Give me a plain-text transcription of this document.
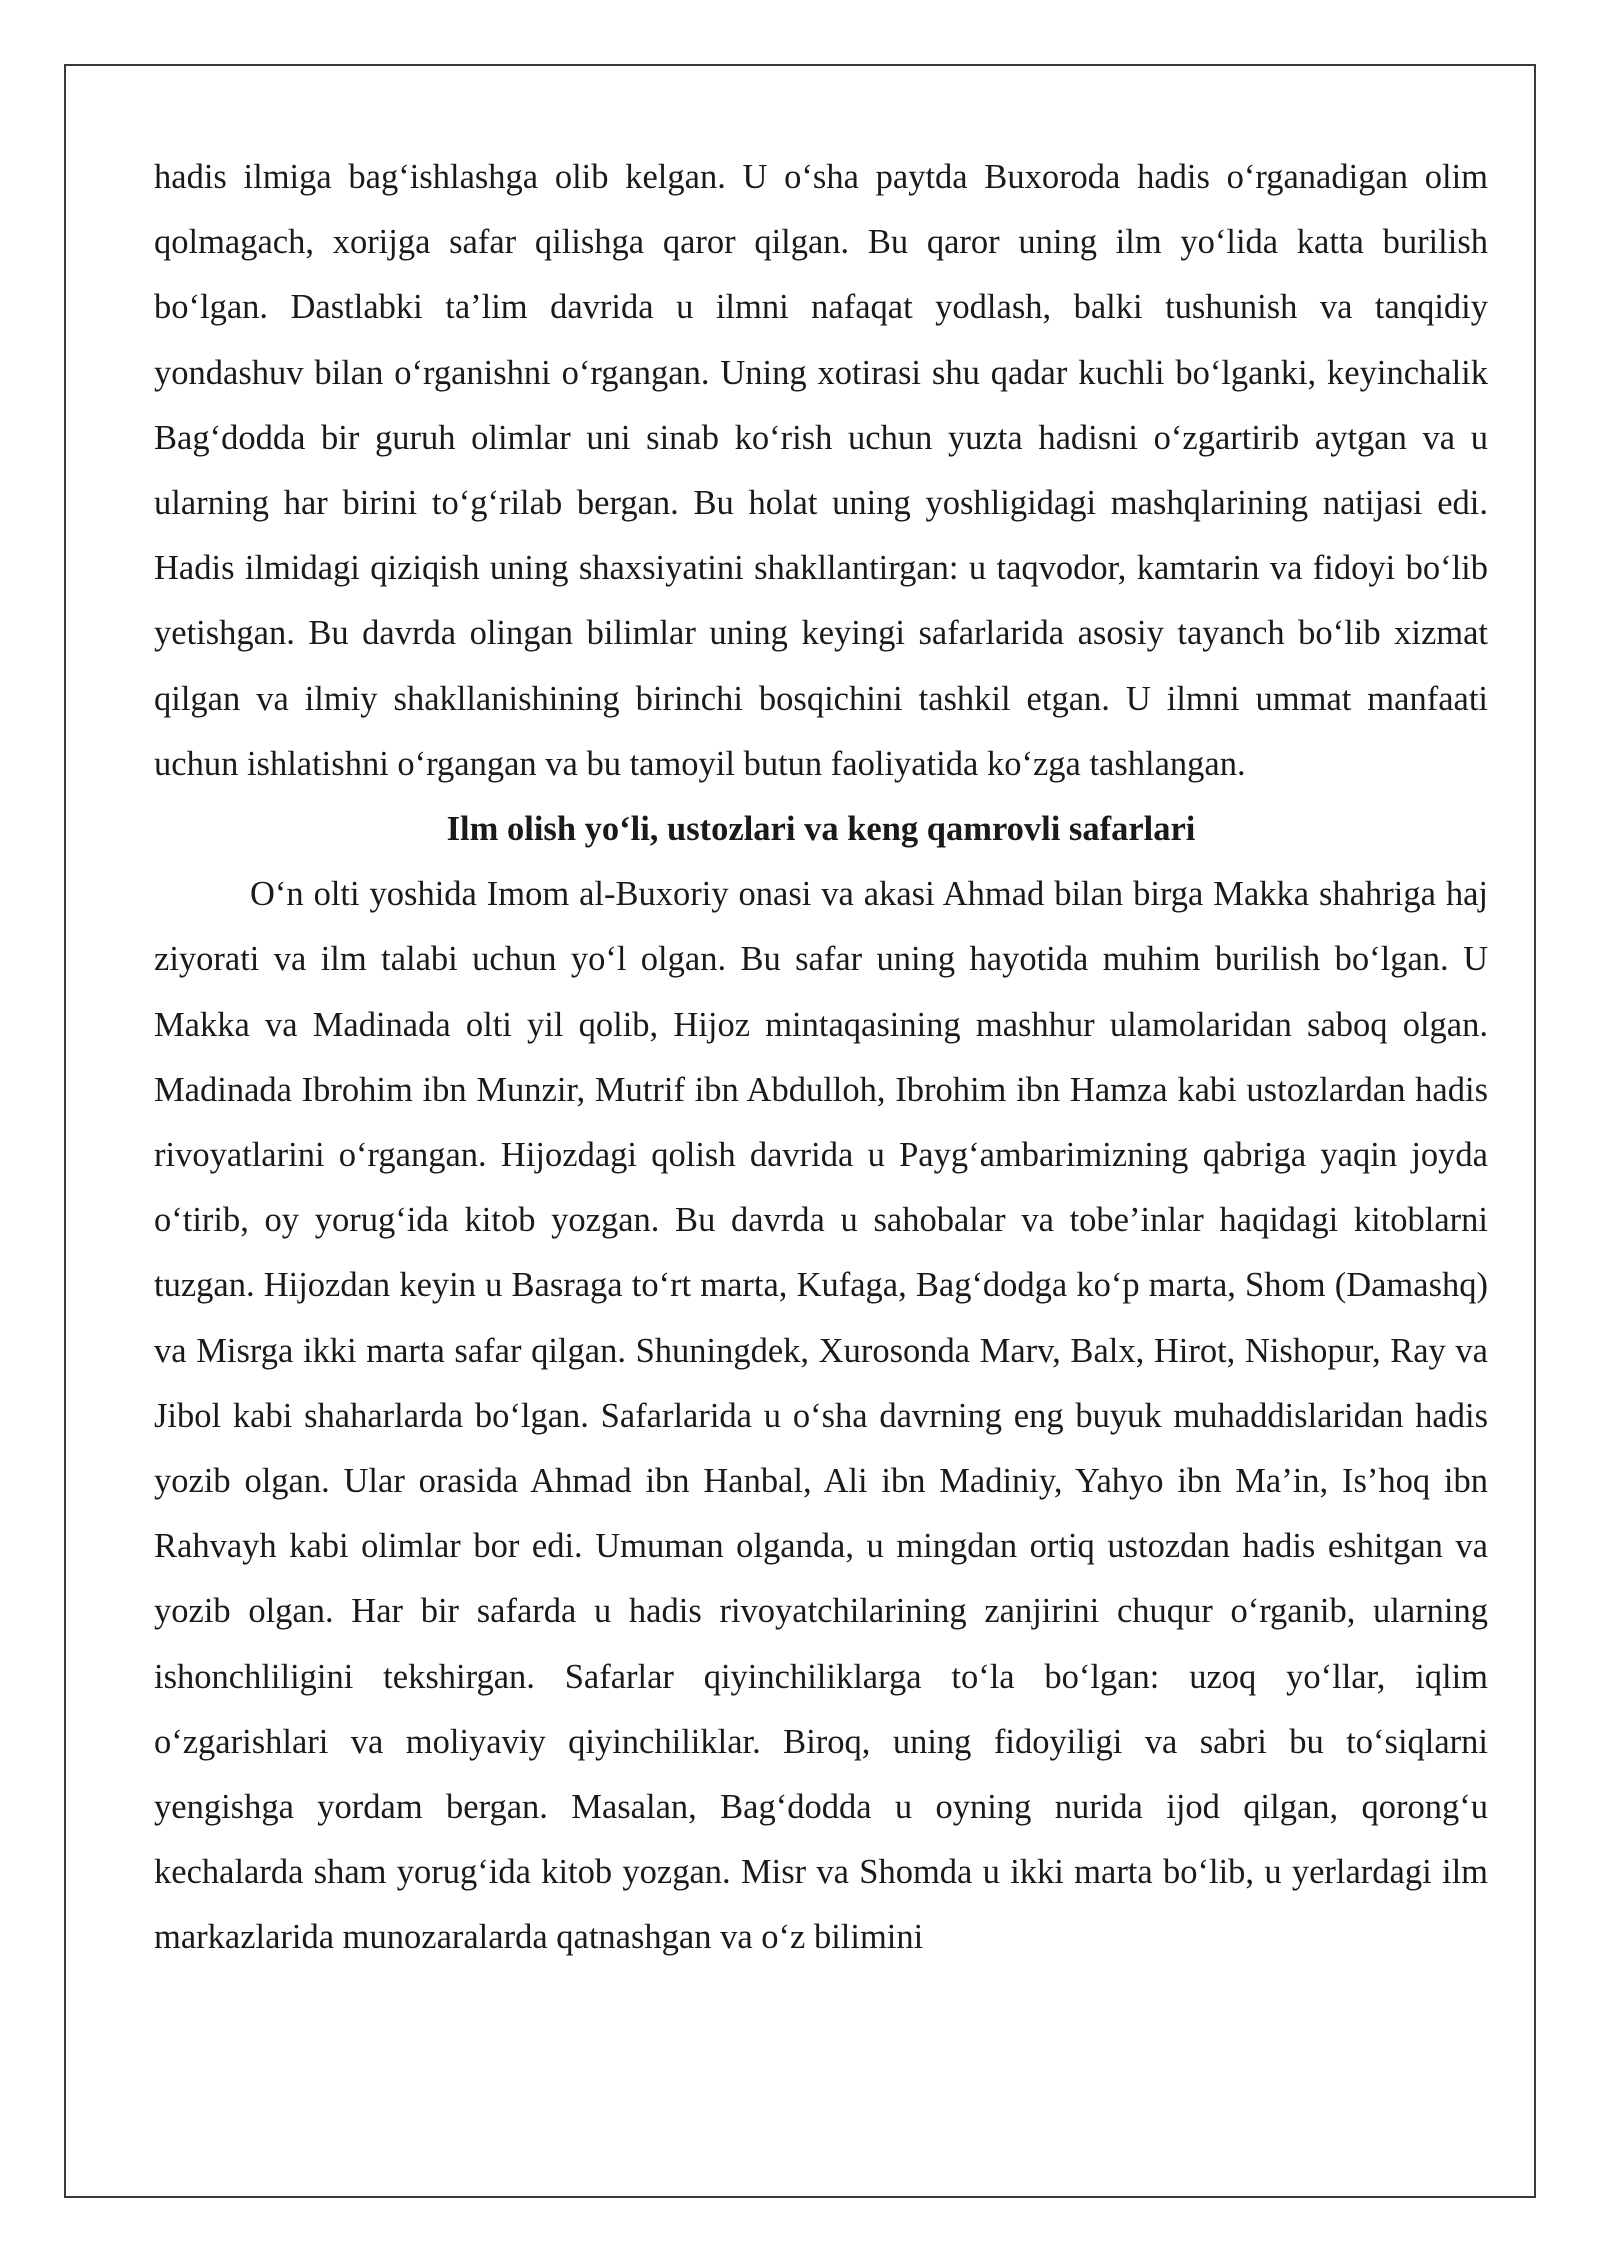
hadis ilmiga bag‘ishlashga olib kelgan. U o‘sha paytda Buxoroda hadis o‘rganadigan olim qolmagach, xorijga safar qilishga qaror qilgan. Bu qaror uning ilm yo‘lida katta burilish bo‘lgan. Dastlabki ta’lim davrida u ilmni nafaqat yodlash, balki tushunish va tanqidiy yondashuv bilan o‘rganishni o‘rgangan. Uning xotirasi shu qadar kuchli bo‘lganki, keyinchalik Bag‘dodda bir guruh olimlar uni sinab ko‘rish uchun yuzta hadisni o‘zgartirib aytgan va u ularning har birini to‘g‘rilab bergan. Bu holat uning yoshligidagi mashqlarining natijasi edi. Hadis ilmidagi qiziqish uning shaxsiyatini shakllantirgan: u taqvodor, kamtarin va fidoyi bo‘lib yetishgan. Bu davrda olingan bilimlar uning keyingi safarlarida asosiy tayanch bo‘lib xizmat qilgan va ilmiy shakllanishining birinchi bosqichini tashkil etgan. U ilmni ummat manfaati uchun ishlatishni o‘rgangan va bu tamoyil butun faoliyatida ko‘zga tashlangan.

Ilm olish yo‘li, ustozlari va keng qamrovli safarlari

O‘n olti yoshida Imom al-Buxoriy onasi va akasi Ahmad bilan birga Makka shahriga haj ziyorati va ilm talabi uchun yo‘l olgan. Bu safar uning hayotida muhim burilish bo‘lgan. U Makka va Madinada olti yil qolib, Hijoz mintaqasining mashhur ulamolaridan saboq olgan. Madinada Ibrohim ibn Munzir, Mutrif ibn Abdulloh, Ibrohim ibn Hamza kabi ustozlardan hadis rivoyatlarini o‘rgangan. Hijozdagi qolish davrida u Payg‘ambarimizning qabriga yaqin joyda o‘tirib, oy yorug‘ida kitob yozgan. Bu davrda u sahobalar va tobe’inlar haqidagi kitoblarni tuzgan. Hijozdan keyin u Basraga to‘rt marta, Kufaga, Bag‘dodga ko‘p marta, Shom (Damashq) va Misrga ikki marta safar qilgan. Shuningdek, Xurosonda Marv, Balx, Hirot, Nishopur, Ray va Jibol kabi shaharlarda bo‘lgan. Safarlarida u o‘sha davrning eng buyuk muhaddislaridan hadis yozib olgan. Ular orasida Ahmad ibn Hanbal, Ali ibn Madiniy, Yahyo ibn Ma’in, Is’hoq ibn Rahvayh kabi olimlar bor edi. Umuman olganda, u mingdan ortiq ustozdan hadis eshitgan va yozib olgan. Har bir safarda u hadis rivoyatchilarining zanjirini chuqur o‘rganib, ularning ishonchliligini tekshirgan. Safarlar qiyinchiliklarga to‘la bo‘lgan: uzoq yo‘llar, iqlim o‘zgarishlari va moliyaviy qiyinchiliklar. Biroq, uning fidoyiligi va sabri bu to‘siqlarni yengishga yordam bergan. Masalan, Bag‘dodda u oyning nurida ijod qilgan, qorong‘u kechalarda sham yorug‘ida kitob yozgan. Misr va Shomda u ikki marta bo‘lib, u yerlardagi ilm markazlarida munozaralarda qatnashgan va o‘z bilimini
